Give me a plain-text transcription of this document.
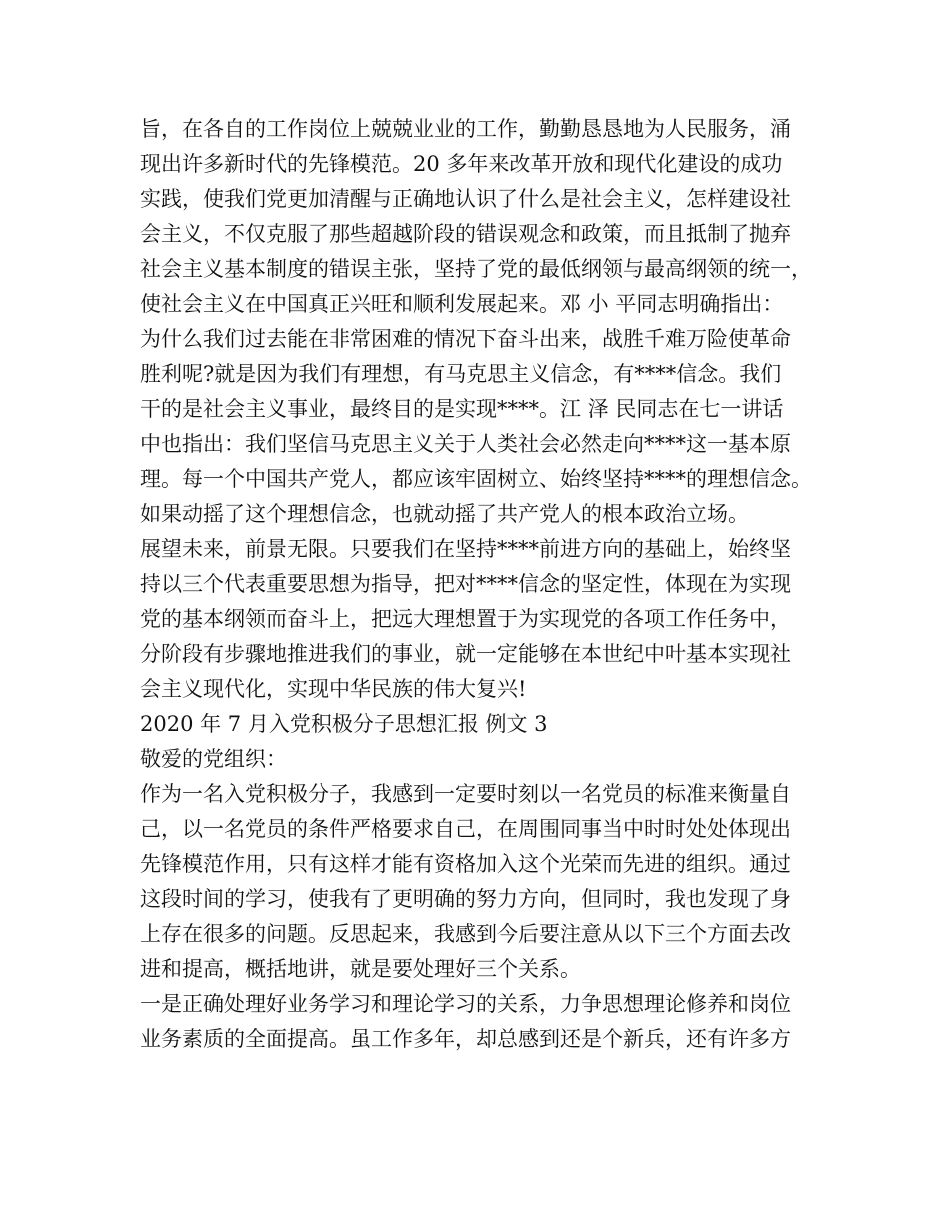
旨，在各自的工作岗位上兢兢业业的工作，勤勤恳恳地为人民服务，涌
现出许多新时代的先锋模范。20 多年来改革开放和现代化建设的成功
实践，使我们党更加清醒与正确地认识了什么是社会主义，怎样建设社
会主义，不仅克服了那些超越阶段的错误观念和政策，而且抵制了抛弃
社会主义基本制度的错误主张，坚持了党的最低纲领与最高纲领的统一，
使社会主义在中国真正兴旺和顺利发展起来。邓 小 平同志明确指出：
为什么我们过去能在非常困难的情况下奋斗出来，战胜千难万险使革命
胜利呢?就是因为我们有理想，有马克思主义信念，有****信念。我们
干的是社会主义事业，最终目的是实现****。江 泽 民同志在七一讲话
中也指出：我们坚信马克思主义关于人类社会必然走向****这一基本原
理。每一个中国共产党人，都应该牢固树立、始终坚持****的理想信念。
如果动摇了这个理想信念，也就动摇了共产党人的根本政治立场。
展望未来，前景无限。只要我们在坚持****前进方向的基础上，始终坚
持以三个代表重要思想为指导，把对****信念的坚定性，体现在为实现
党的基本纲领而奋斗上，把远大理想置于为实现党的各项工作任务中，
分阶段有步骤地推进我们的事业，就一定能够在本世纪中叶基本实现社
会主义现代化，实现中华民族的伟大复兴!
2020 年 7 月入党积极分子思想汇报 例文 3
敬爱的党组织：
作为一名入党积极分子，我感到一定要时刻以一名党员的标准来衡量自
己，以一名党员的条件严格要求自己，在周围同事当中时时处处体现出
先锋模范作用，只有这样才能有资格加入这个光荣而先进的组织。通过
这段时间的学习，使我有了更明确的努力方向，但同时，我也发现了身
上存在很多的问题。反思起来，我感到今后要注意从以下三个方面去改
进和提高，概括地讲，就是要处理好三个关系。
一是正确处理好业务学习和理论学习的关系，力争思想理论修养和岗位
业务素质的全面提高。虽工作多年，却总感到还是个新兵，还有许多方
